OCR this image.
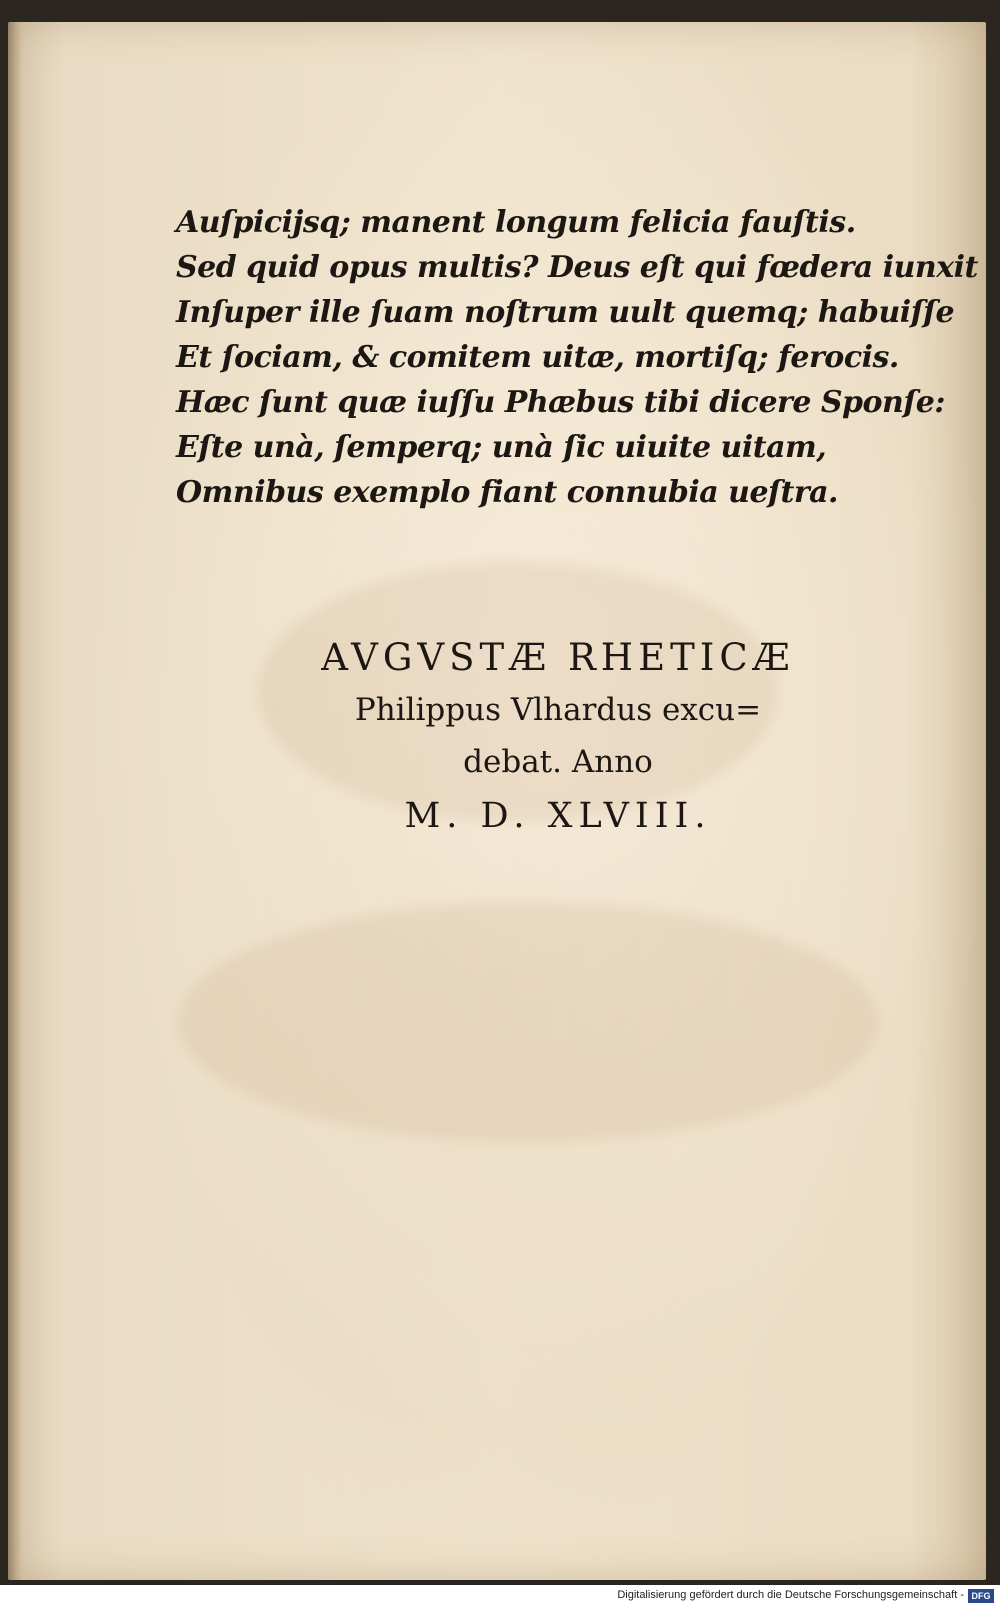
Auſpicijsq; manent longum felicia fauſtis.
Sed quid opus multis? Deus eſt qui fœdera iunxit
Inſuper ille ſuam noſtrum uult quemq; habuiſſe
Et ſociam, & comitem uitæ, mortiſq; ferocis.
Hæc ſunt quæ iuſſu Phæbus tibi dicere Sponſe:
Eſte unà, ſemperq; unà ſic uiuite uitam,
Omnibus exemplo fiant connubia ueſtra.
AVGVSTÆ RHETICÆ
Philippus Vlhardus excu=
debat. Anno
M. D. XLVIII.
Digitalisierung gefördert durch die Deutsche Forschungsgemeinschaft - DFG
